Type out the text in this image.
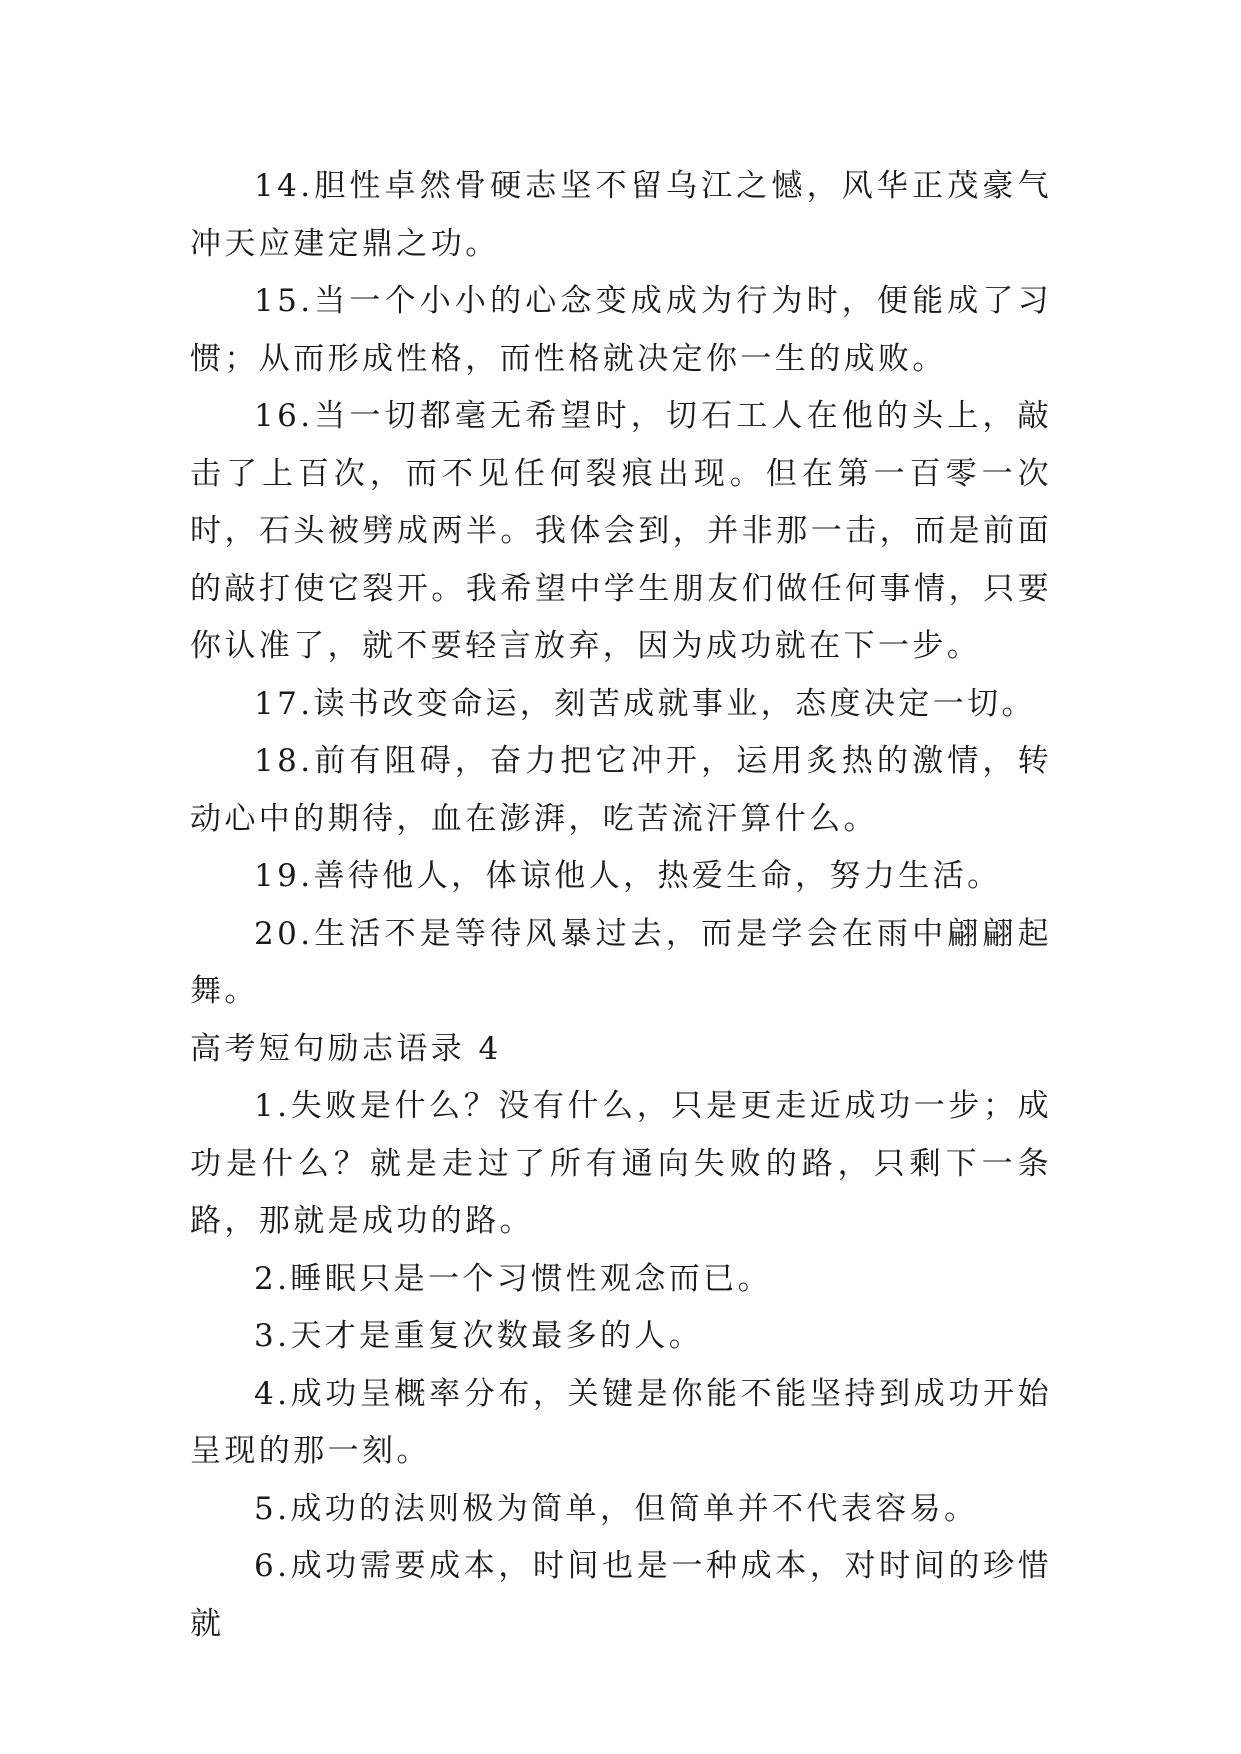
14.胆性卓然骨硬志坚不留乌江之憾，风华正茂豪气冲天应建定鼎之功。

15.当一个小小的心念变成成为行为时，便能成了习惯；从而形成性格，而性格就决定你一生的成败。

16.当一切都毫无希望时，切石工人在他的头上，敲击了上百次，而不见任何裂痕出现。但在第一百零一次时，石头被劈成两半。我体会到，并非那一击，而是前面的敲打使它裂开。我希望中学生朋友们做任何事情，只要你认准了，就不要轻言放弃，因为成功就在下一步。

17.读书改变命运，刻苦成就事业，态度决定一切。

18.前有阻碍，奋力把它冲开，运用炙热的激情，转动心中的期待，血在澎湃，吃苦流汗算什么。

19.善待他人，体谅他人，热爱生命，努力生活。

20.生活不是等待风暴过去，而是学会在雨中翩翩起舞。

高考短句励志语录 4

1.失败是什么？没有什么，只是更走近成功一步；成功是什么？就是走过了所有通向失败的路，只剩下一条路，那就是成功的路。

2.睡眠只是一个习惯性观念而已。

3.天才是重复次数最多的人。

4.成功呈概率分布，关键是你能不能坚持到成功开始呈现的那一刻。

5.成功的法则极为简单，但简单并不代表容易。

6.成功需要成本，时间也是一种成本，对时间的珍惜就
